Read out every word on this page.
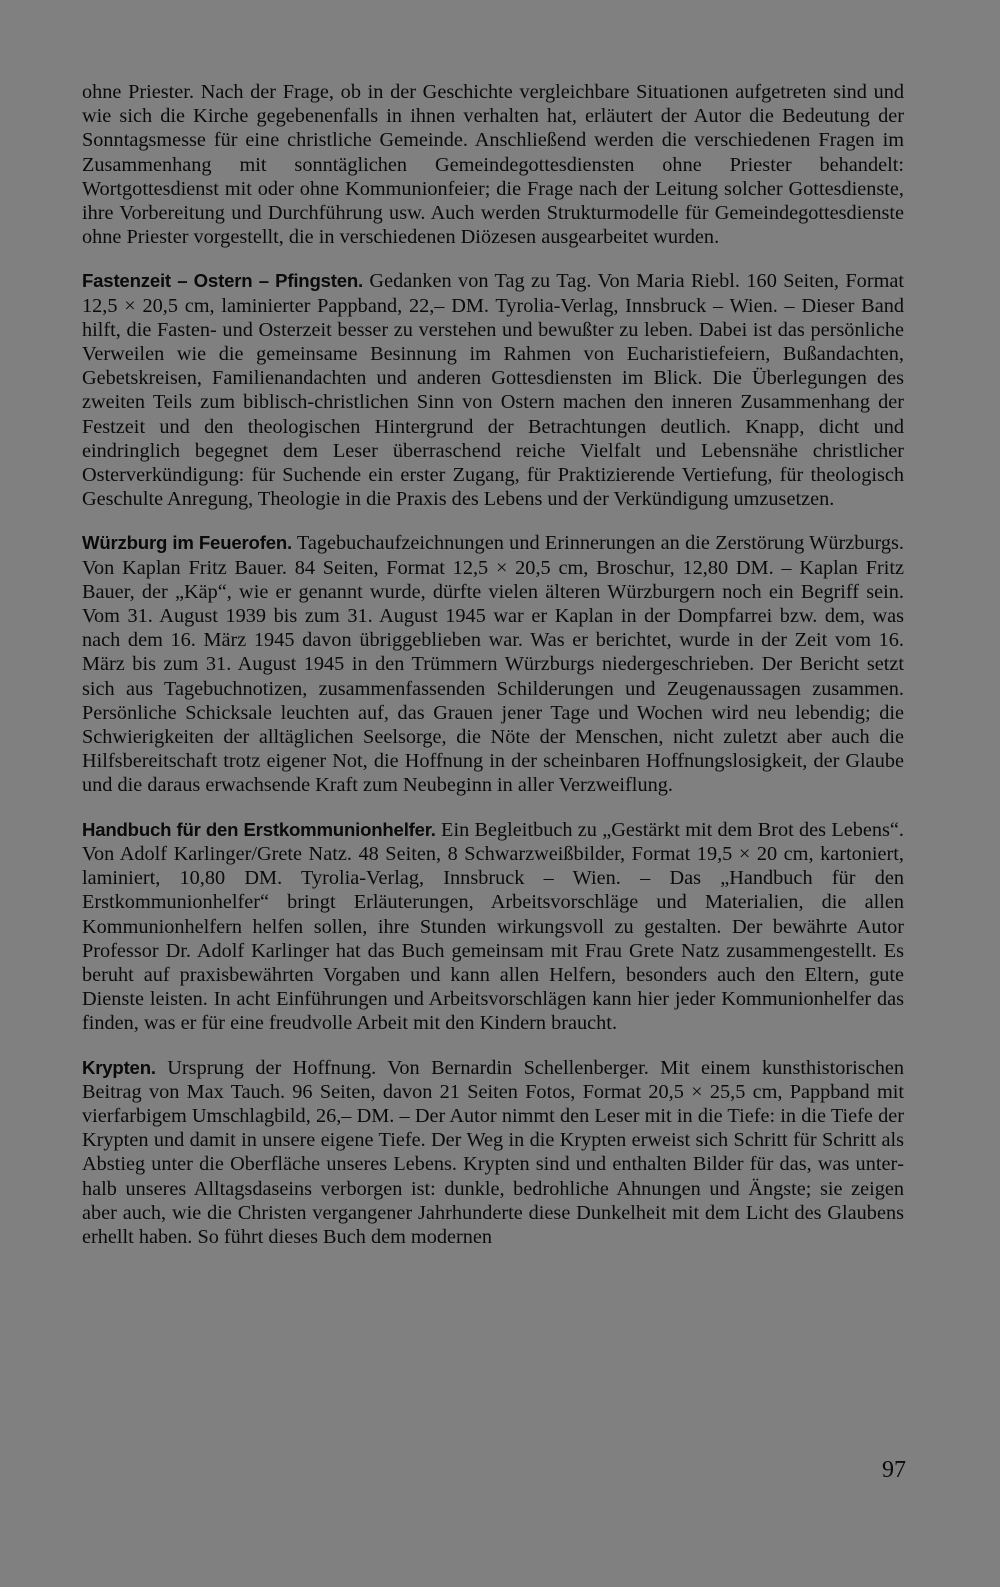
ohne Priester. Nach der Frage, ob in der Geschichte vergleichbare Situationen aufgetreten sind und wie sich die Kirche gegebenenfalls in ihnen verhalten hat, erläutert der Autor die Bedeutung der Sonntagsmesse für eine christliche Gemeinde. Anschließend werden die verschiedenen Fragen im Zusammenhang mit sonntäglichen Gemeindegottesdiensten ohne Priester behandelt: Wortgottesdienst mit oder ohne Kommunionfeier; die Frage nach der Leitung solcher Gottesdienste, ihre Vorbereitung und Durchführung usw. Auch werden Strukturmodelle für Gemeindegottesdienste ohne Priester vorgestellt, die in verschiedenen Diözesen ausgearbeitet wurden.

Fastenzeit – Ostern – Pfingsten. Gedanken von Tag zu Tag. Von Maria Riebl. 160 Seiten, Format 12,5 × 20,5 cm, laminierter Pappband, 22,– DM. Tyrolia-Verlag, Innsbruck – Wien. – Dieser Band hilft, die Fasten- und Osterzeit besser zu verstehen und bewußter zu leben. Dabei ist das persönliche Verweilen wie die gemeinsame Besinnung im Rahmen von Eucharistiefeiern, Bußandachten, Gebetskreisen, Familienandachten und anderen Gottesdiensten im Blick. Die Überlegungen des zweiten Teils zum biblisch-christlichen Sinn von Ostern machen den inneren Zusammenhang der Festzeit und den theologischen Hintergrund der Betrachtungen deutlich. Knapp, dicht und eindringlich begegnet dem Leser überraschend reiche Vielfalt und Lebensnähe christlicher Osterverkündigung: für Suchende ein erster Zugang, für Praktizierende Vertiefung, für theologisch Geschulte Anregung, Theologie in die Praxis des Lebens und der Verkündigung umzusetzen.

Würzburg im Feuerofen. Tagebuchaufzeichnungen und Erinnerungen an die Zerstörung Würzburgs. Von Kaplan Fritz Bauer. 84 Seiten, Format 12,5 × 20,5 cm, Broschur, 12,80 DM. – Kaplan Fritz Bauer, der „Käp“, wie er genannt wurde, dürfte vielen älteren Würzburgern noch ein Begriff sein. Vom 31. August 1939 bis zum 31. August 1945 war er Kaplan in der Dompfarrei bzw. dem, was nach dem 16. März 1945 davon übriggeblieben war. Was er berichtet, wurde in der Zeit vom 16. März bis zum 31. August 1945 in den Trümmern Würzburgs niedergeschrieben. Der Bericht setzt sich aus Tagebuchnotizen, zusammenfassenden Schilderungen und Zeugenaussagen zusammen. Persönliche Schicksale leuchten auf, das Grauen jener Tage und Wochen wird neu lebendig; die Schwierigkeiten der alltäglichen Seelsorge, die Nöte der Menschen, nicht zuletzt aber auch die Hilfsbereitschaft trotz eigener Not, die Hoffnung in der scheinbaren Hoffnungslosigkeit, der Glaube und die daraus erwachsende Kraft zum Neubeginn in aller Verzweiflung.

Handbuch für den Erstkommunionhelfer. Ein Begleitbuch zu „Gestärkt mit dem Brot des Lebens“. Von Adolf Karlinger/Grete Natz. 48 Seiten, 8 Schwarzweißbilder, Format 19,5 × 20 cm, kartoniert, laminiert, 10,80 DM. Tyrolia-Verlag, Innsbruck – Wien. – Das „Handbuch für den Erstkommunionhelfer“ bringt Erläuterungen, Arbeitsvorschläge und Materialien, die allen Kommunionhelfern helfen sollen, ihre Stunden wirkungsvoll zu gestalten. Der bewährte Autor Professor Dr. Adolf Karlinger hat das Buch gemeinsam mit Frau Grete Natz zusammengestellt. Es beruht auf praxisbewährten Vorgaben und kann allen Helfern, besonders auch den Eltern, gute Dienste leisten. In acht Einführungen und Arbeitsvorschlägen kann hier jeder Kommunionhelfer das finden, was er für eine freudvolle Arbeit mit den Kindern braucht.

Krypten. Ursprung der Hoffnung. Von Bernardin Schellenberger. Mit einem kunsthistorischen Beitrag von Max Tauch. 96 Seiten, davon 21 Seiten Fotos, Format 20,5 × 25,5 cm, Pappband mit vierfarbigem Umschlagbild, 26,– DM. – Der Autor nimmt den Leser mit in die Tiefe: in die Tiefe der Krypten und damit in unsere eigene Tiefe. Der Weg in die Krypten erweist sich Schritt für Schritt als Abstieg unter die Oberfläche unseres Lebens. Krypten sind und enthalten Bilder für das, was unterhalb unseres Alltagsdaseins verborgen ist: dunkle, bedrohliche Ahnungen und Ängste; sie zeigen aber auch, wie die Christen vergangener Jahrhunderte diese Dunkelheit mit dem Licht des Glaubens erhellt haben. So führt dieses Buch dem modernen

97
